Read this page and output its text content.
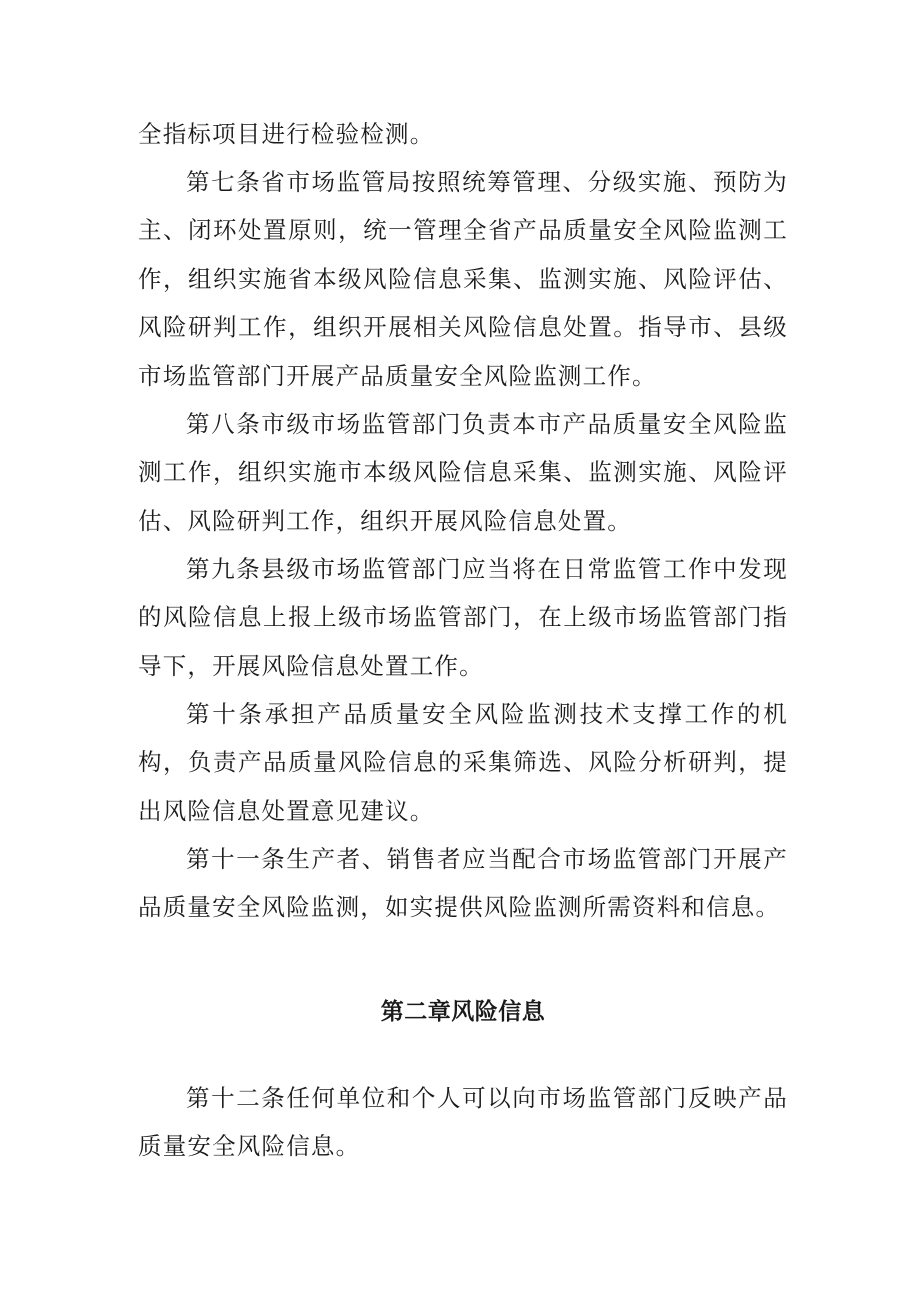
全指标项目进行检验检测。

第七条省市场监管局按照统筹管理、分级实施、预防为主、闭环处置原则，统一管理全省产品质量安全风险监测工作，组织实施省本级风险信息采集、监测实施、风险评估、风险研判工作，组织开展相关风险信息处置。指导市、县级市场监管部门开展产品质量安全风险监测工作。

第八条市级市场监管部门负责本市产品质量安全风险监测工作，组织实施市本级风险信息采集、监测实施、风险评估、风险研判工作，组织开展风险信息处置。

第九条县级市场监管部门应当将在日常监管工作中发现的风险信息上报上级市场监管部门，在上级市场监管部门指导下，开展风险信息处置工作。

第十条承担产品质量安全风险监测技术支撑工作的机构，负责产品质量风险信息的采集筛选、风险分析研判，提出风险信息处置意见建议。

第十一条生产者、销售者应当配合市场监管部门开展产品质量安全风险监测，如实提供风险监测所需资料和信息。

第二章风险信息

第十二条任何单位和个人可以向市场监管部门反映产品质量安全风险信息。
